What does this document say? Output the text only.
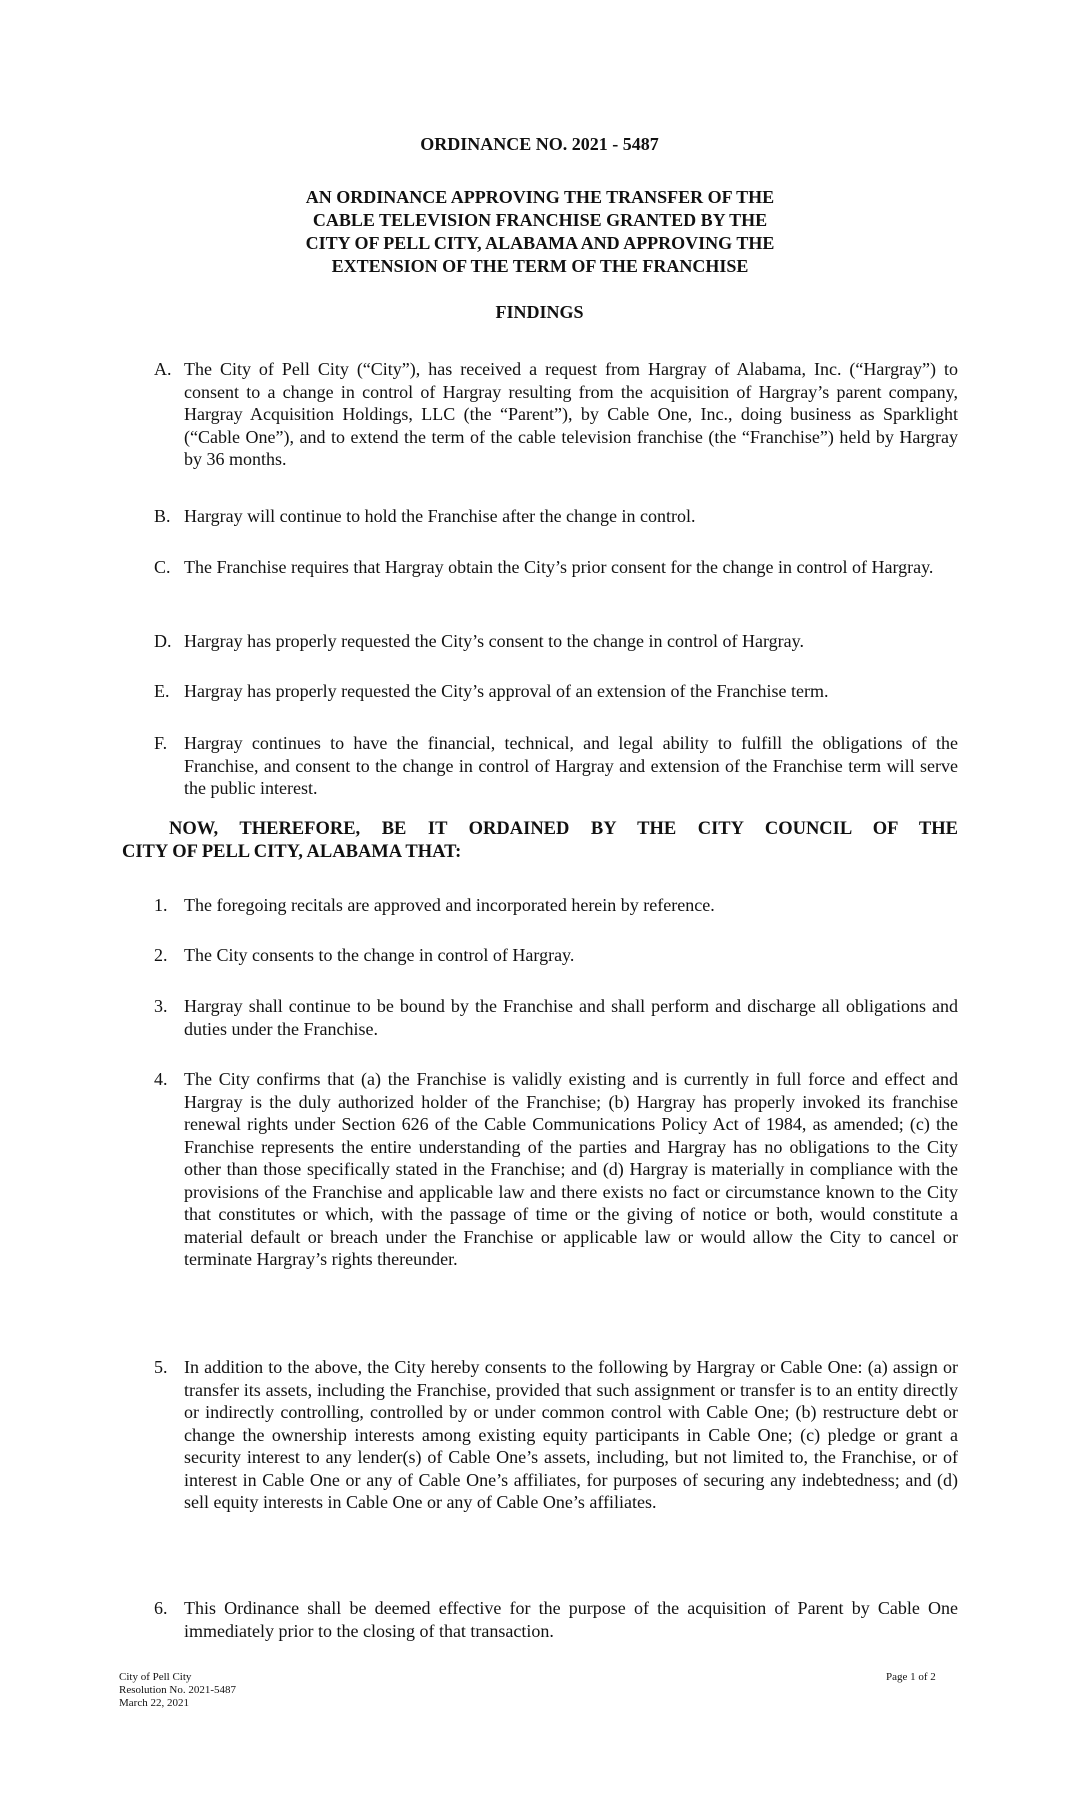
ORDINANCE NO. 2021 - 5487
AN ORDINANCE APPROVING THE TRANSFER OF THE
CABLE TELEVISION FRANCHISE GRANTED BY THE
CITY OF PELL CITY, ALABAMA AND APPROVING THE
EXTENSION OF THE TERM OF THE FRANCHISE
FINDINGS
A. The City of Pell City (“City”), has received a request from Hargray of Alabama, Inc. (“Hargray”) to consent to a change in control of Hargray resulting from the acquisition of Hargray’s parent company, Hargray Acquisition Holdings, LLC (the “Parent”), by Cable One, Inc., doing business as Sparklight (“Cable One”), and to extend the term of the cable television franchise (the “Franchise”) held by Hargray by 36 months.
B. Hargray will continue to hold the Franchise after the change in control.
C. The Franchise requires that Hargray obtain the City’s prior consent for the change in control of Hargray.
D. Hargray has properly requested the City’s consent to the change in control of Hargray.
E. Hargray has properly requested the City’s approval of an extension of the Franchise term.
F. Hargray continues to have the financial, technical, and legal ability to fulfill the obligations of the Franchise, and consent to the change in control of Hargray and extension of the Franchise term will serve the public interest.
NOW, THEREFORE, BE IT ORDAINED BY THE CITY COUNCIL OF THE
CITY OF PELL CITY, ALABAMA THAT:
1. The foregoing recitals are approved and incorporated herein by reference.
2. The City consents to the change in control of Hargray.
3. Hargray shall continue to be bound by the Franchise and shall perform and discharge all obligations and duties under the Franchise.
4. The City confirms that (a) the Franchise is validly existing and is currently in full force and effect and Hargray is the duly authorized holder of the Franchise; (b) Hargray has properly invoked its franchise renewal rights under Section 626 of the Cable Communications Policy Act of 1984, as amended; (c) the Franchise represents the entire understanding of the parties and Hargray has no obligations to the City other than those specifically stated in the Franchise; and (d) Hargray is materially in compliance with the provisions of the Franchise and applicable law and there exists no fact or circumstance known to the City that constitutes or which, with the passage of time or the giving of notice or both, would constitute a material default or breach under the Franchise or applicable law or would allow the City to cancel or terminate Hargray’s rights thereunder.
5. In addition to the above, the City hereby consents to the following by Hargray or Cable One: (a) assign or transfer its assets, including the Franchise, provided that such assignment or transfer is to an entity directly or indirectly controlling, controlled by or under common control with Cable One; (b) restructure debt or change the ownership interests among existing equity participants in Cable One; (c) pledge or grant a security interest to any lender(s) of Cable One’s assets, including, but not limited to, the Franchise, or of interest in Cable One or any of Cable One’s affiliates, for purposes of securing any indebtedness; and (d) sell equity interests in Cable One or any of Cable One’s affiliates.
6. This Ordinance shall be deemed effective for the purpose of the acquisition of Parent by Cable One immediately prior to the closing of that transaction.
City of Pell City
Resolution No. 2021-5487
March 22, 2021
Page 1 of 2
